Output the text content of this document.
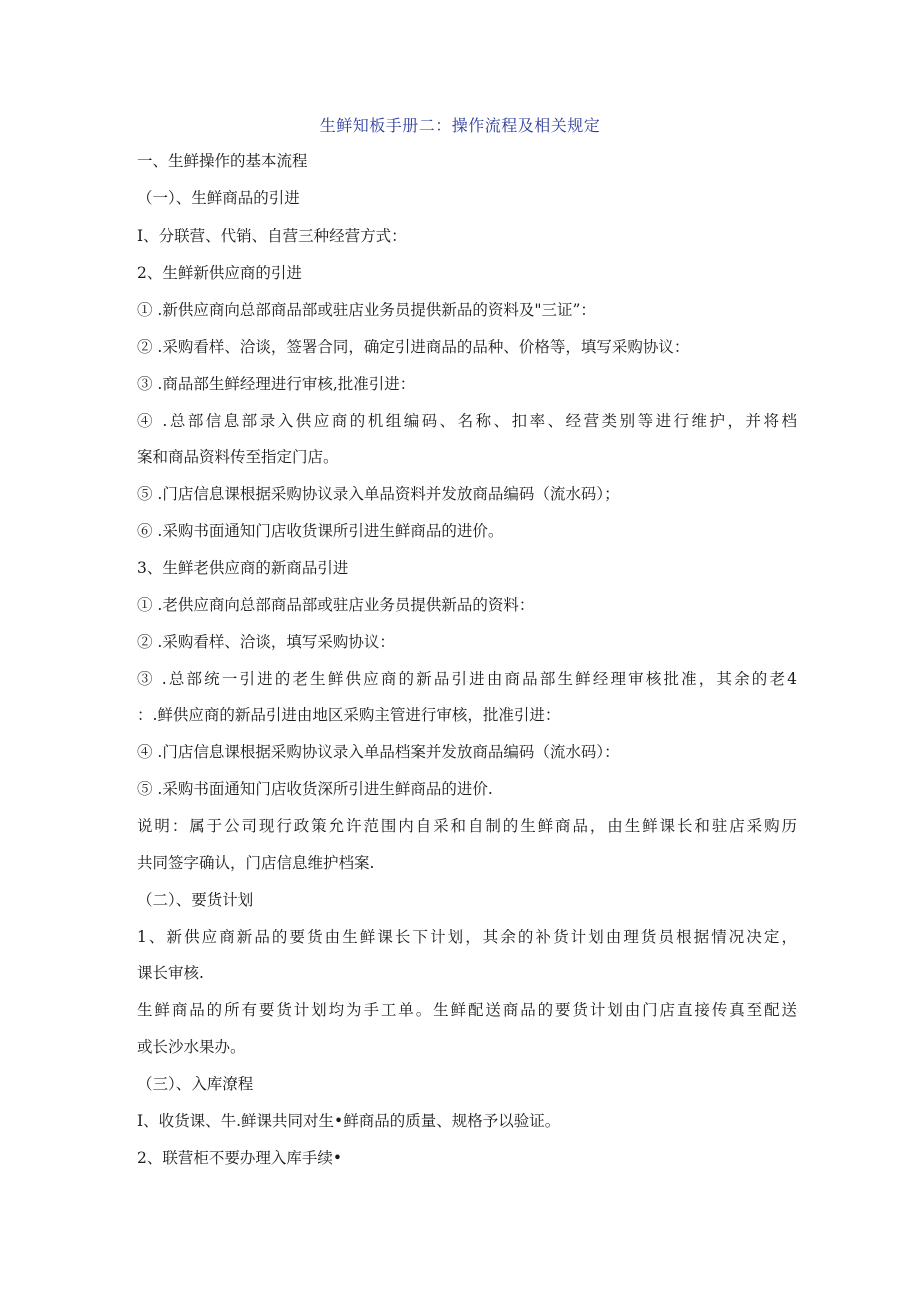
生鲜知板手册二：操作流程及相关规定
一、生鲜操作的基本流程
（一）、生鲜商品的引进
I、分联营、代销、自营三种经营方式：
2、生鲜新供应商的引进
① .新供应商向总部商品部或驻店业务员提供新品的资料及"三证”：
② .采购看样、洽谈，签署合同，确定引进商品的品种、价格等，填写采购协议：
③ .商品部生鲜经理进行审核,批准引进：
④ .总部信息部录入供应商的机组编码、名称、扣率、经营类别等进行维护，并将档
案和商品资料传至指定门店。
⑤ .门店信息课根据采购协议录入单品资料并发放商品编码（流水码）；
⑥ .采购书面通知门店收货课所引进生鲜商品的进价。
3、生鲜老供应商的新商品引进
① .老供应商向总部商品部或驻店业务员提供新品的资料：
② .采购看样、洽谈，填写采购协议：
③ .总部统一引进的老生鲜供应商的新品引进由商品部生鲜经理审核批准，其余的老4
：.鲜供应商的新品引进由地区采购主管进行审核，批准引进：
④ .门店信息课根据采购协议录入单品档案并发放商品编码（流水码）：
⑤ .采购书面通知门店收货深所引进生鲜商品的进价.
说明：属于公司现行政策允许范围内自采和自制的生鲜商品，由生鲜课长和驻店采购历
共同签字确认，门店信息维护档案.
（二）、要货计划
1、新供应商新品的要货由生鲜课长下计划，其余的补货计划由理货员根据情况决定，
课长审核.
生鲜商品的所有要货计划均为手工单。生鲜配送商品的要货计划由门店直接传真至配送
或长沙水果办。
（三）、入库潦程
I、收货课、牛.鲜课共同对生•鲜商品的质量、规格予以验证。
2、联营柜不要办理入库手续•
